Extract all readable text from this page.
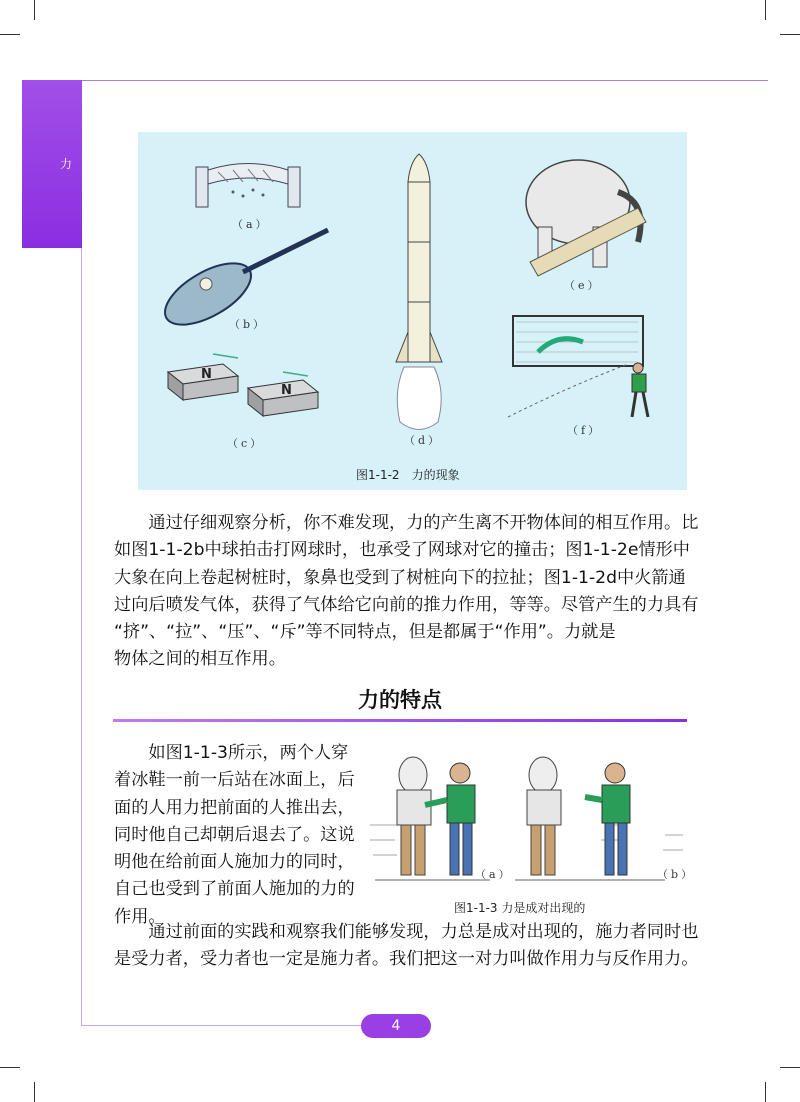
力
N
N
（a）
（b）
（c）	（d）
（e）
（f）
图1-1-2　力的现象
　　通过仔细观察分析，你不难发现，力的产生离不开物体间的相互作用。比
如图1-1-2b中球拍击打网球时，也承受了网球对它的撞击；图1-1-2e情形中
大象在向上卷起树桩时，象鼻也受到了树桩向下的拉扯；图1-1-2d中火箭通
过向后喷发气体，获得了气体给它向前的推力作用，等等。尽管产生的力具有
“挤”、“拉”、“压”、“斥”等不同特点，但是都属于“作用”。力就是
物体之间的相互作用。
力的特点
　　如图1-1-3所示，两个人穿
着冰鞋一前一后站在冰面上，后
面的人用力把前面的人推出去，
同时他自己却朝后退去了。这说
明他在给前面人施加力的同时，
自己也受到了前面人施加的力的
作用。
（a）	（b）
图1-1-3 力是成对出现的
　　通过前面的实践和观察我们能够发现，力总是成对出现的，施力者同时也
是受力者，受力者也一定是施力者。我们把这一对力叫做作用力与反作用力。
4
